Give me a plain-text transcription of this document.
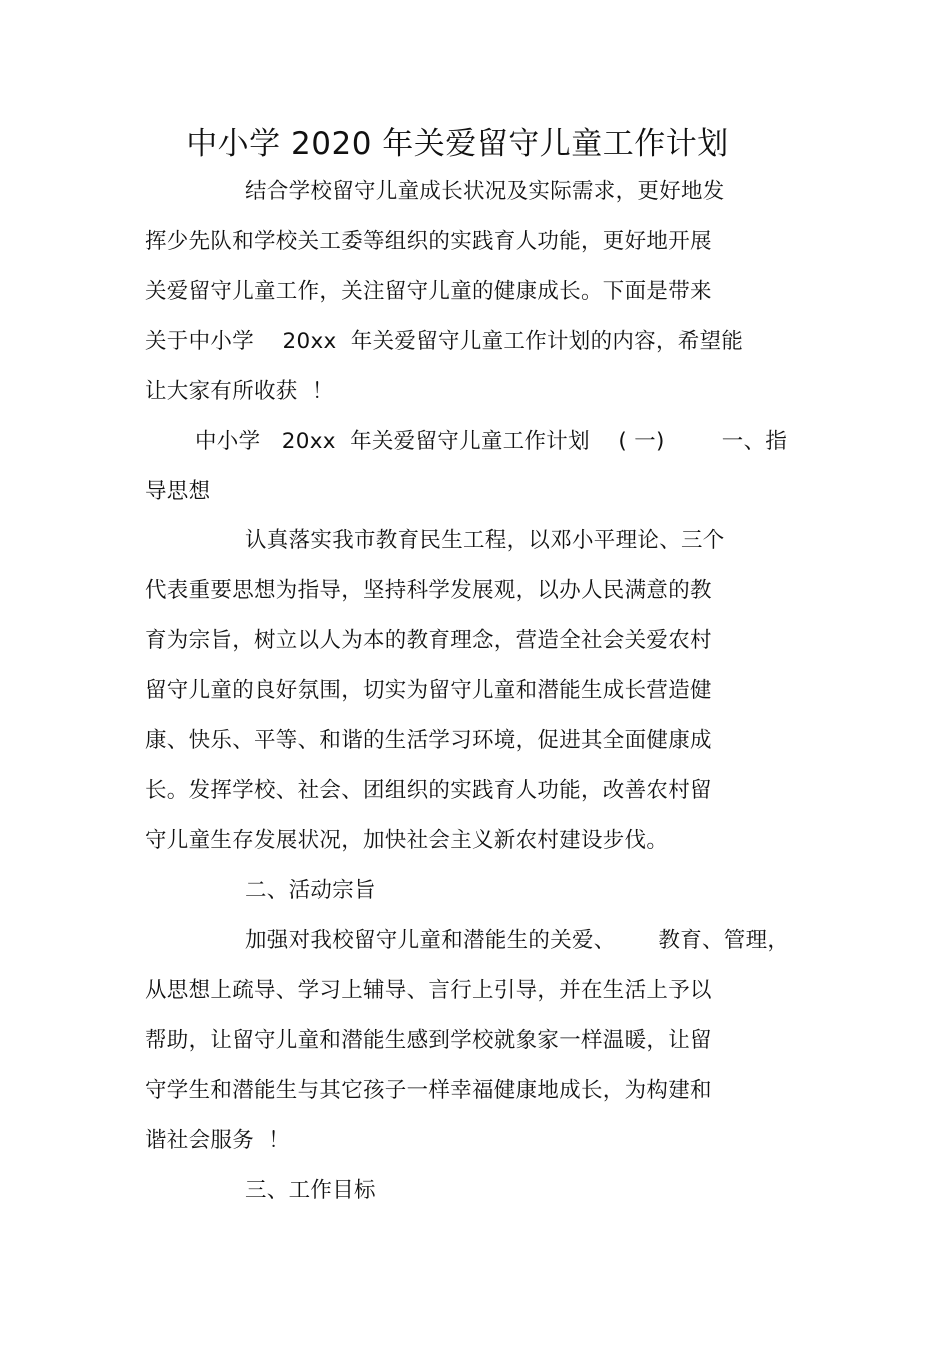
中小学 2020 年关爱留守儿童工作计划
结合学校留守儿童成长状况及实际需求，更好地发
挥少先队和学校关工委等组织的实践育人功能，更好地开展
关爱留守儿童工作，关注留守儿童的健康成长。下面是带来
关于中小学    20xx  年关爱留守儿童工作计划的内容，希望能
让大家有所收获  ！
中小学   20xx  年关爱留守儿童工作计划    ( 一)        一、指
导思想
认真落实我市教育民生工程，以邓小平理论、三个
代表重要思想为指导，坚持科学发展观，以办人民满意的教
育为宗旨，树立以人为本的教育理念，营造全社会关爱农村
留守儿童的良好氛围，切实为留守儿童和潜能生成长营造健
康、快乐、平等、和谐的生活学习环境，促进其全面健康成
长。发挥学校、社会、团组织的实践育人功能，改善农村留
守儿童生存发展状况，加快社会主义新农村建设步伐。
二、活动宗旨
加强对我校留守儿童和潜能生的关爱、      教育、管理，
从思想上疏导、学习上辅导、言行上引导，并在生活上予以
帮助，让留守儿童和潜能生感到学校就象家一样温暖，让留
守学生和潜能生与其它孩子一样幸福健康地成长，为构建和
谐社会服务  ！
三、工作目标
